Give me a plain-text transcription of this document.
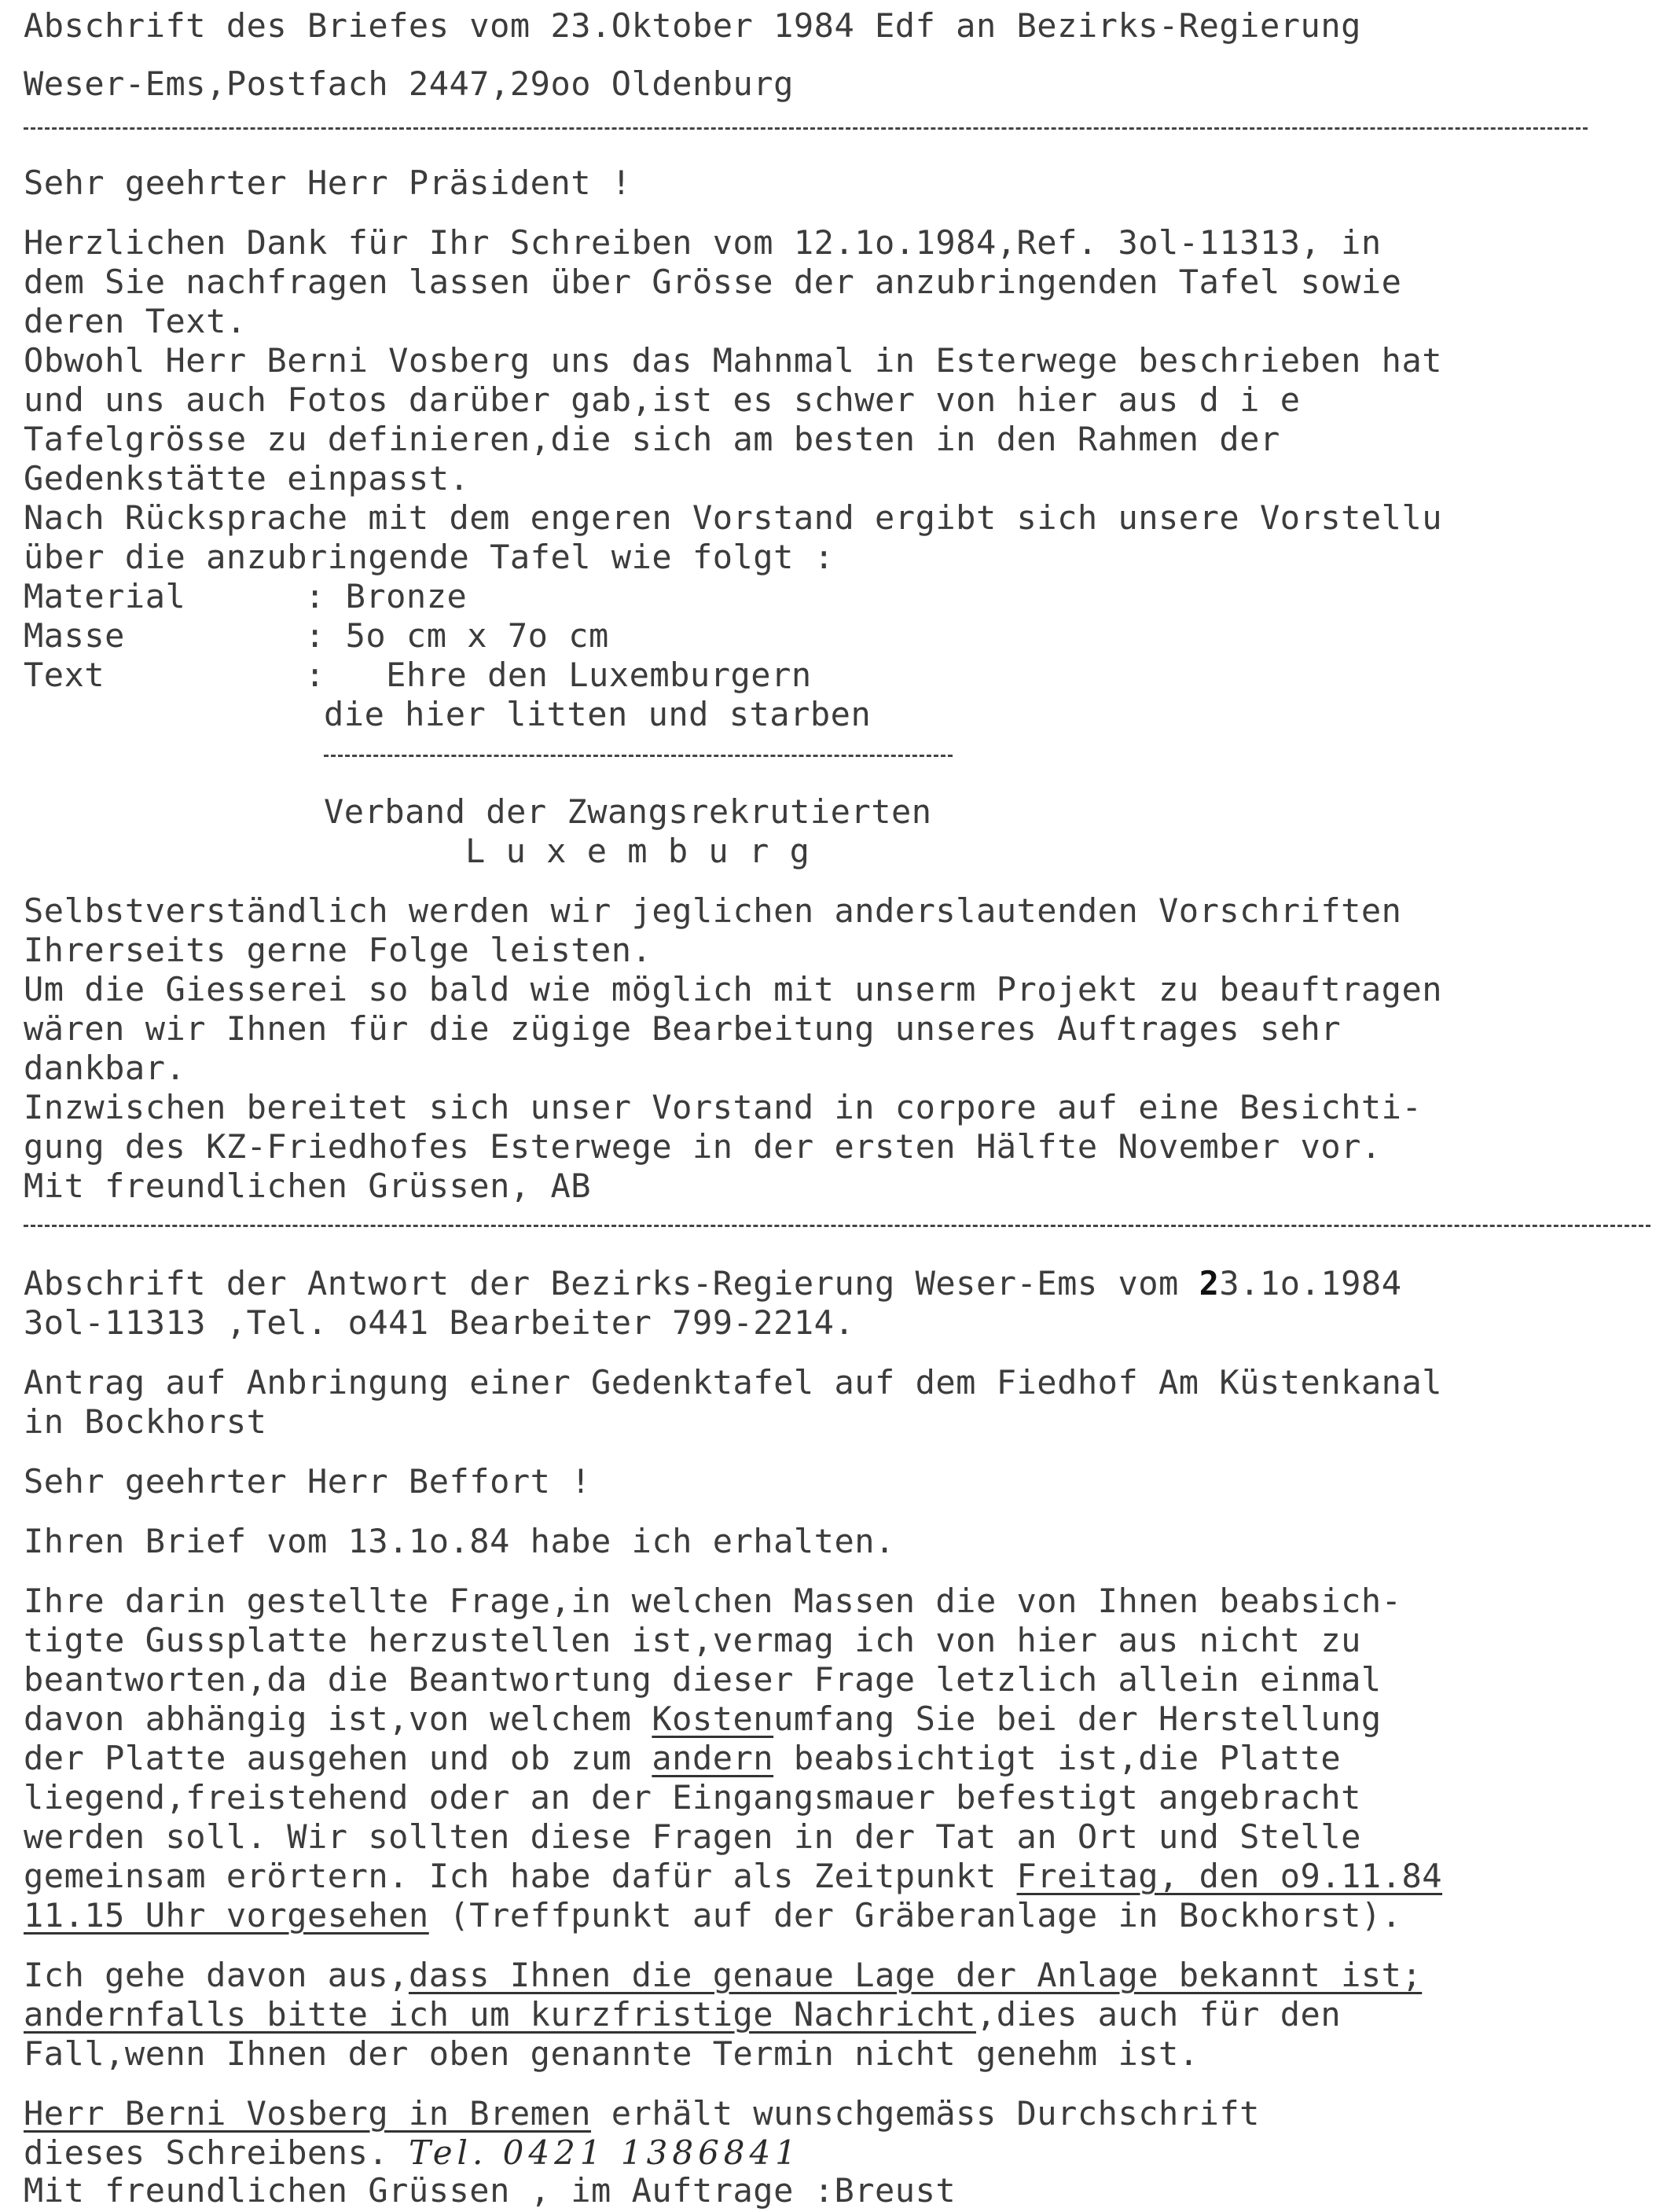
Abschrift des Briefes vom 23.Oktober 1984 Edf an Bezirks-Regierung
Weser-Ems,Postfach 2447,29oo Oldenburg
Sehr geehrter Herr Präsident !
Herzlichen Dank für Ihr Schreiben vom 12.1o.1984,Ref. 3ol-11313, in
dem Sie nachfragen lassen über Grösse der anzubringenden Tafel sowie
deren Text.
Obwohl Herr Berni Vosberg uns das Mahnmal in Esterwege beschrieben hat
und uns auch Fotos darüber gab,ist es schwer von hier aus d i e
Tafelgrösse zu definieren,die sich am besten in den Rahmen der
Gedenkstätte einpasst.
Nach Rücksprache mit dem engeren Vorstand ergibt sich unsere Vorstellu
über die anzubringende Tafel wie folgt :
Material	: Bronze
Masse	: 5o cm x 7o cm
Text	:   Ehre den Luxemburgern
die hier litten und starben
Verband der Zwangsrekrutierten
L u x e m b u r g
Selbstverständlich werden wir jeglichen anderslautenden Vorschriften
Ihrerseits gerne Folge leisten.
Um die Giesserei so bald wie möglich mit unserm Projekt zu beauftragen
wären wir Ihnen für die zügige Bearbeitung unseres Auftrages sehr
dankbar.
Inzwischen bereitet sich unser Vorstand in corpore auf eine Besichti-
gung des KZ-Friedhofes Esterwege in der ersten Hälfte November vor.
Mit freundlichen Grüssen, AB
Abschrift der Antwort der Bezirks-Regierung Weser-Ems vom 23.1o.1984
3ol-11313 ,Tel. o441 Bearbeiter 799-2214.
Antrag auf Anbringung einer Gedenktafel auf dem Fiedhof Am Küstenkanal
in Bockhorst
Sehr geehrter Herr Beffort !
Ihren Brief vom 13.1o.84 habe ich erhalten.
Ihre darin gestellte Frage,in welchen Massen die von Ihnen beabsich-
tigte Gussplatte herzustellen ist,vermag ich von hier aus nicht zu
beantworten,da die Beantwortung dieser Frage letzlich allein einmal
davon abhängig ist,von welchem Kostenumfang Sie bei der Herstellung
der Platte ausgehen und ob zum andern beabsichtigt ist,die Platte
liegend,freistehend oder an der Eingangsmauer befestigt angebracht
werden soll. Wir sollten diese Fragen in der Tat an Ort und Stelle
gemeinsam erörtern. Ich habe dafür als Zeitpunkt Freitag, den o9.11.84
11.15 Uhr vorgesehen (Treffpunkt auf der Gräberanlage in Bockhorst).
Ich gehe davon aus,dass Ihnen die genaue Lage der Anlage bekannt ist;
andernfalls bitte ich um kurzfristige Nachricht,dies auch für den
Fall,wenn Ihnen der oben genannte Termin nicht genehm ist.
Herr Berni Vosberg in Bremen erhält wunschgemäss Durchschrift
dieses Schreibens. Tel. 0421 1386841
Mit freundlichen Grüssen , im Auftrage :Breust
